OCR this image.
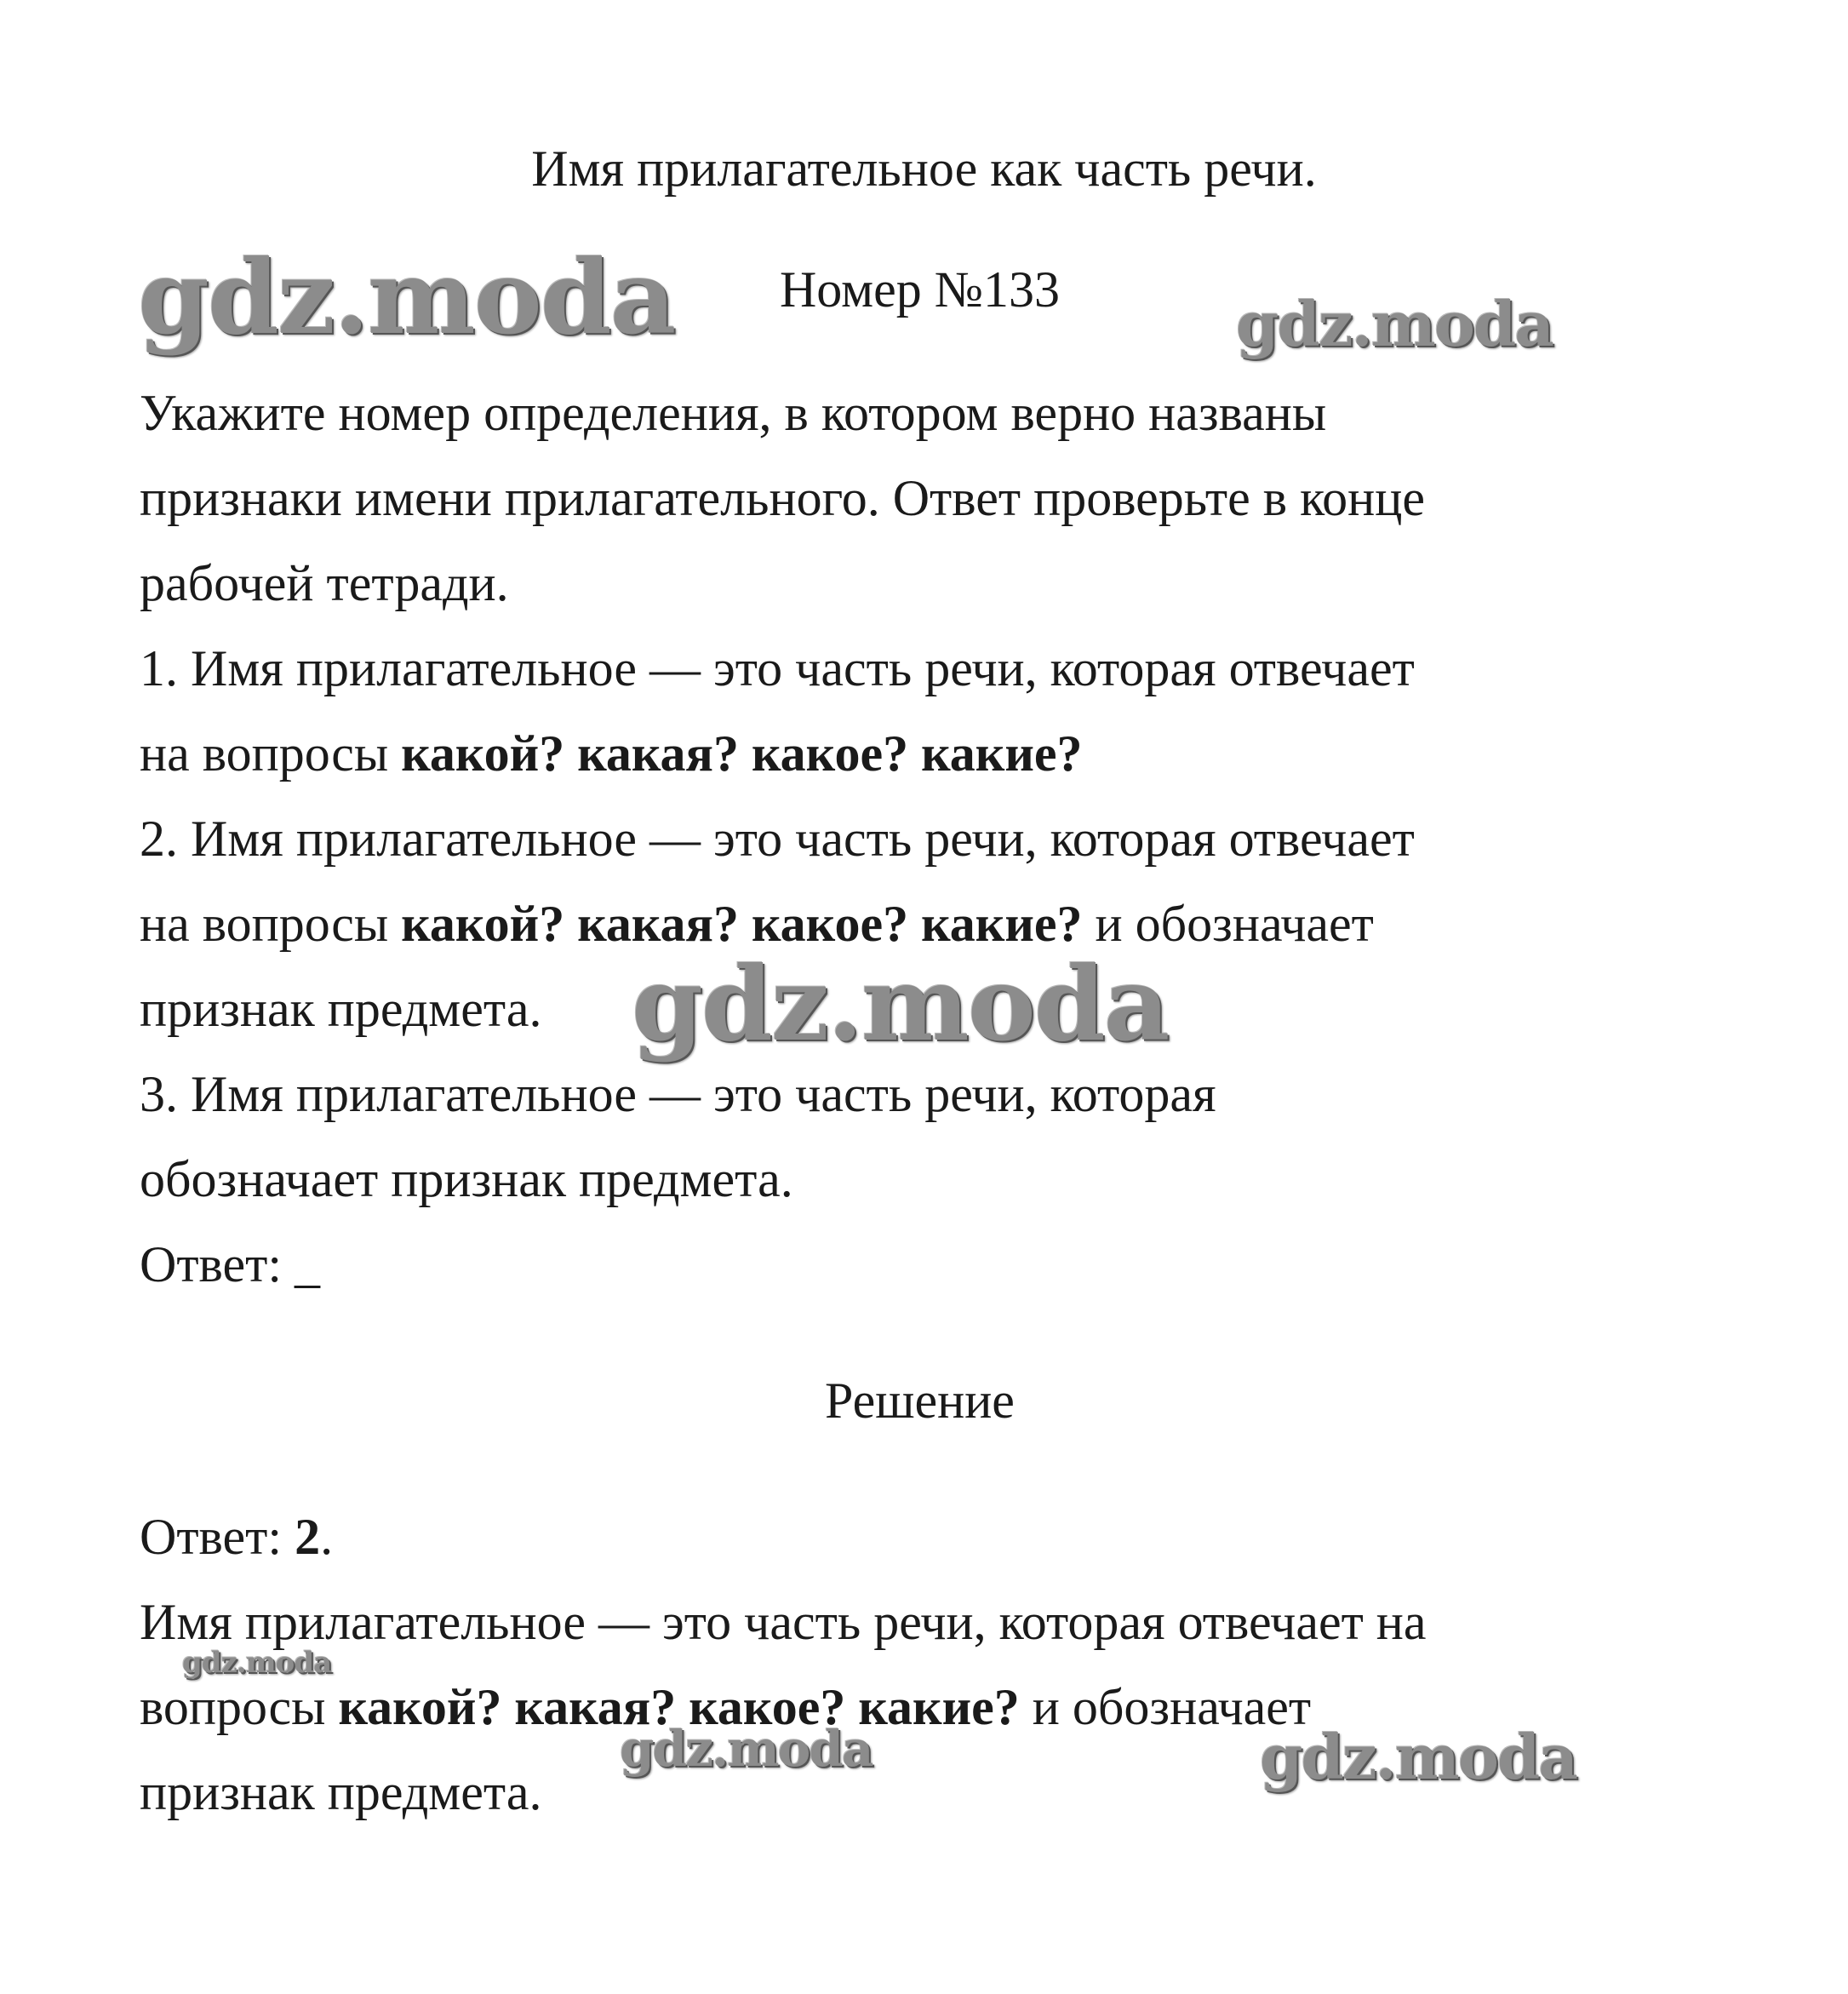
Имя прилагательное как часть речи.
Номер №133
Укажите номер определения, в котором верно названы
признаки имени прилагательного. Ответ проверьте в конце
рабочей тетради.
1. Имя прилагательное — это часть речи, которая отвечает
на вопросы какой? какая? какое? какие?
2. Имя прилагательное — это часть речи, которая отвечает
на вопросы какой? какая? какое? какие? и обозначает
признак предмета.
3. Имя прилагательное — это часть речи, которая
обозначает признак предмета.
Ответ: _
Решение
Ответ: 2.
Имя прилагательное — это часть речи, которая отвечает на
вопросы какой? какая? какое? какие? и обозначает
признак предмета.
gdz.moda	gdz.moda
gdz.moda
gdz.moda
gdz.moda	gdz.moda
